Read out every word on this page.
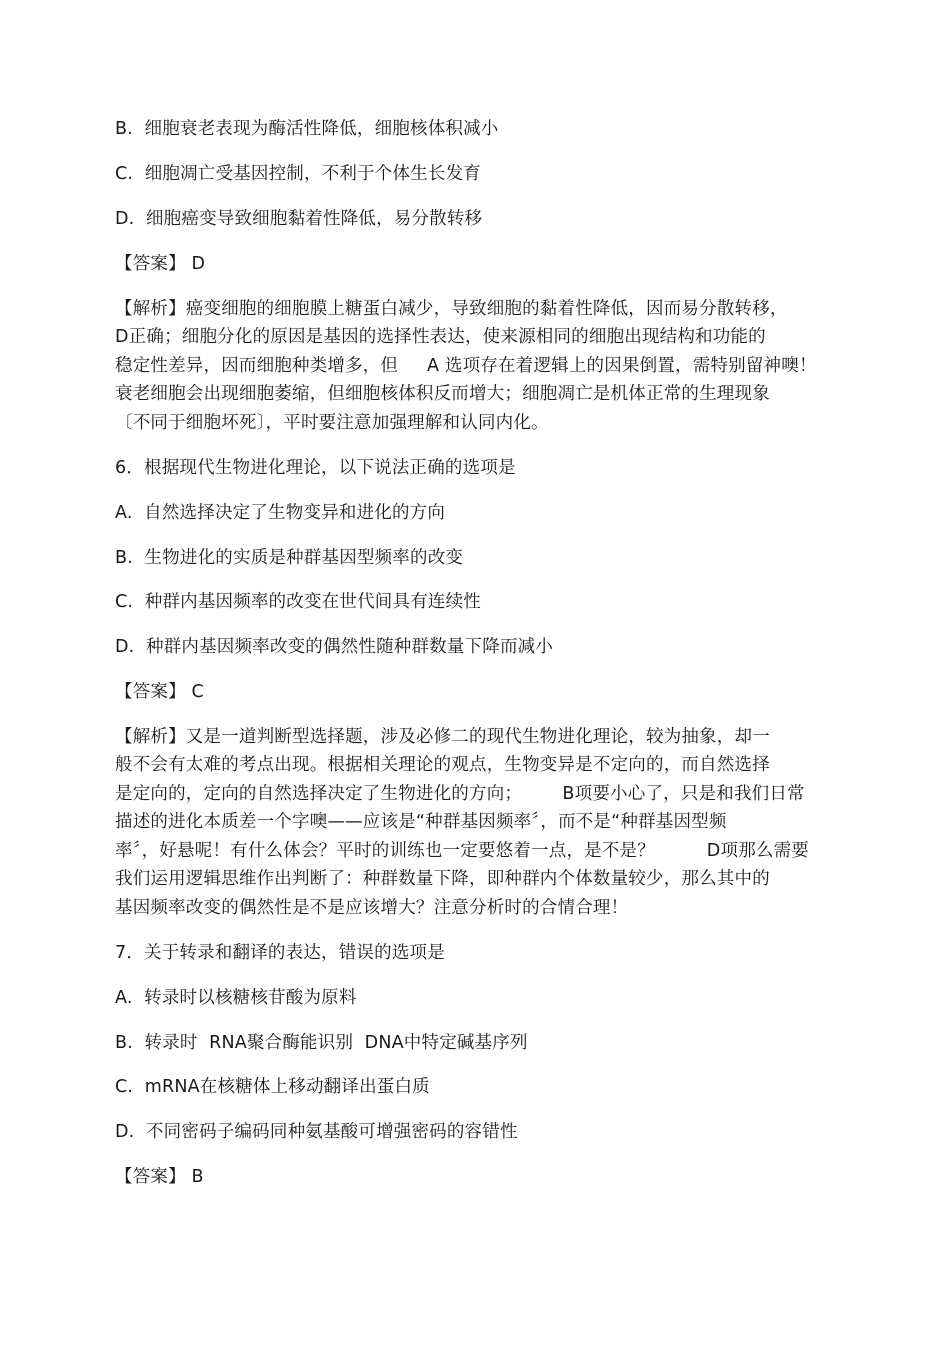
B.  细胞衰老表现为酶活性降低，细胞核体积减小
C.  细胞凋亡受基因控制，不利于个体生长发育
D.  细胞癌变导致细胞黏着性降低，易分散转移
【答案】 D
【解析】癌变细胞的细胞膜上糖蛋白减少，导致细胞的黏着性降低，因而易分散转移，
D正确；细胞分化的原因是基因的选择性表达，使来源相同的细胞出现结构和功能的
稳定性差异，因而细胞种类增多，但     A 选项存在着逻辑上的因果倒置，需特别留神噢！
衰老细胞会出现细胞萎缩，但细胞核体积反而增大；细胞凋亡是机体正常的生理现象
〔不同于细胞坏死〕，平时要注意加强理解和认同内化。
6．根据现代生物进化理论，以下说法正确的选项是
A.  自然选择决定了生物变异和进化的方向
B.  生物进化的实质是种群基因型频率的改变
C.  种群内基因频率的改变在世代间具有连续性
D.  种群内基因频率改变的偶然性随种群数量下降而减小
【答案】 C
【解析】又是一道判断型选择题，涉及必修二的现代生物进化理论，较为抽象，却一
般不会有太难的考点出现。根据相关理论的观点，生物变异是不定向的，而自然选择
是定向的，定向的自然选择决定了生物进化的方向；       B项要小心了，只是和我们日常
描述的进化本质差一个字噢——应该是“种群基因频率〞，而不是“种群基因型频
率〞，好悬呢！有什么体会？平时的训练也一定要悠着一点，是不是？         D项那么需要
我们运用逻辑思维作出判断了：种群数量下降，即种群内个体数量较少，那么其中的
基因频率改变的偶然性是不是应该增大？注意分析时的合情合理！
7．关于转录和翻译的表达，错误的选项是
A.  转录时以核糖核苷酸为原料
B.  转录时  RNA聚合酶能识别  DNA中特定碱基序列
C.  mRNA在核糖体上移动翻译出蛋白质
D.  不同密码子编码同种氨基酸可增强密码的容错性
【答案】 B
